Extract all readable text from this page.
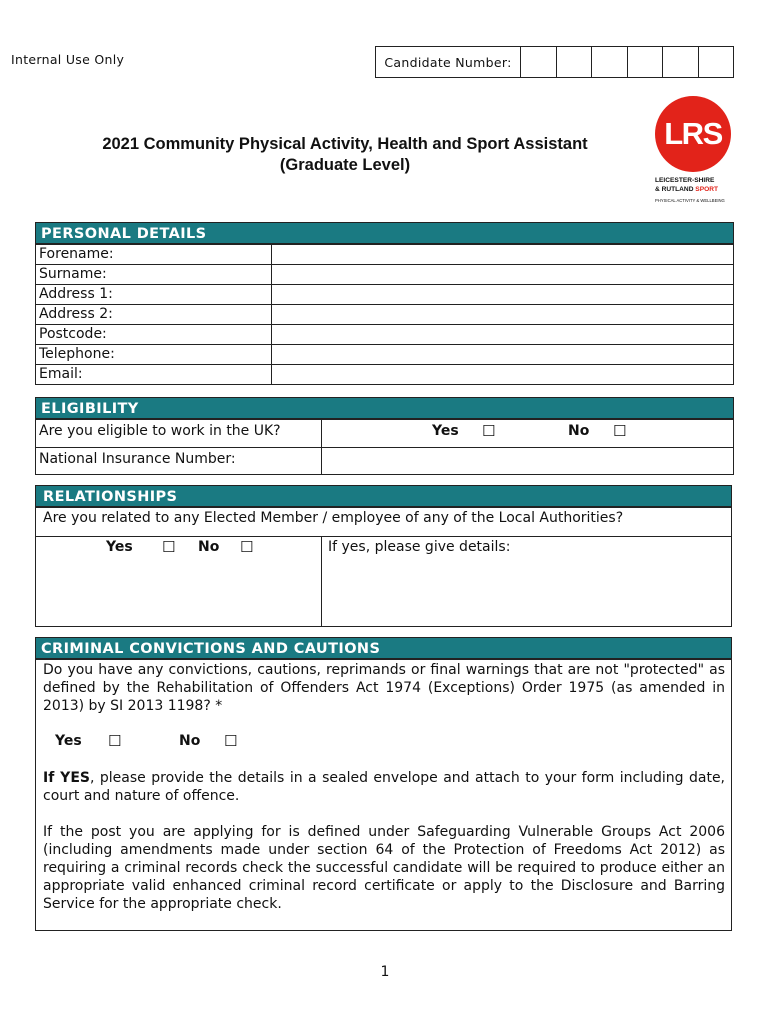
Internal Use Only	Candidate Number:
2021 Community Physical Activity, Health and Sport Assistant
(Graduate Level)
LRS
LEICESTER-SHIRE
& RUTLAND SPORT
PHYSICAL ACTIVITY & WELLBEING
PERSONAL DETAILS
Forename:
Surname:
Address 1:
Address 2:
Postcode:
Telephone:
Email:
ELIGIBILITY
Are you eligible to work in the UK?	Yes ☐	No ☐
National Insurance Number:
RELATIONSHIPS
Are you related to any Elected Member / employee of any of the Local Authorities?
Yes ☐ No ☐	If yes, please give details:
CRIMINAL CONVICTIONS AND CAUTIONS
Do you have any convictions, cautions, reprimands or final warnings that are not "protected" as defined by the Rehabilitation of Offenders Act 1974 (Exceptions) Order 1975 (as amended in 2013) by SI 2013 1198? *
Yes ☐	No ☐
If YES, please provide the details in a sealed envelope and attach to your form including date, court and nature of offence.
If the post you are applying for is defined under Safeguarding Vulnerable Groups Act 2006 (including amendments made under section 64 of the Protection of Freedoms Act 2012) as requiring a criminal records check the successful candidate will be required to produce either an appropriate valid enhanced criminal record certificate or apply to the Disclosure and Barring Service for the appropriate check.
1
